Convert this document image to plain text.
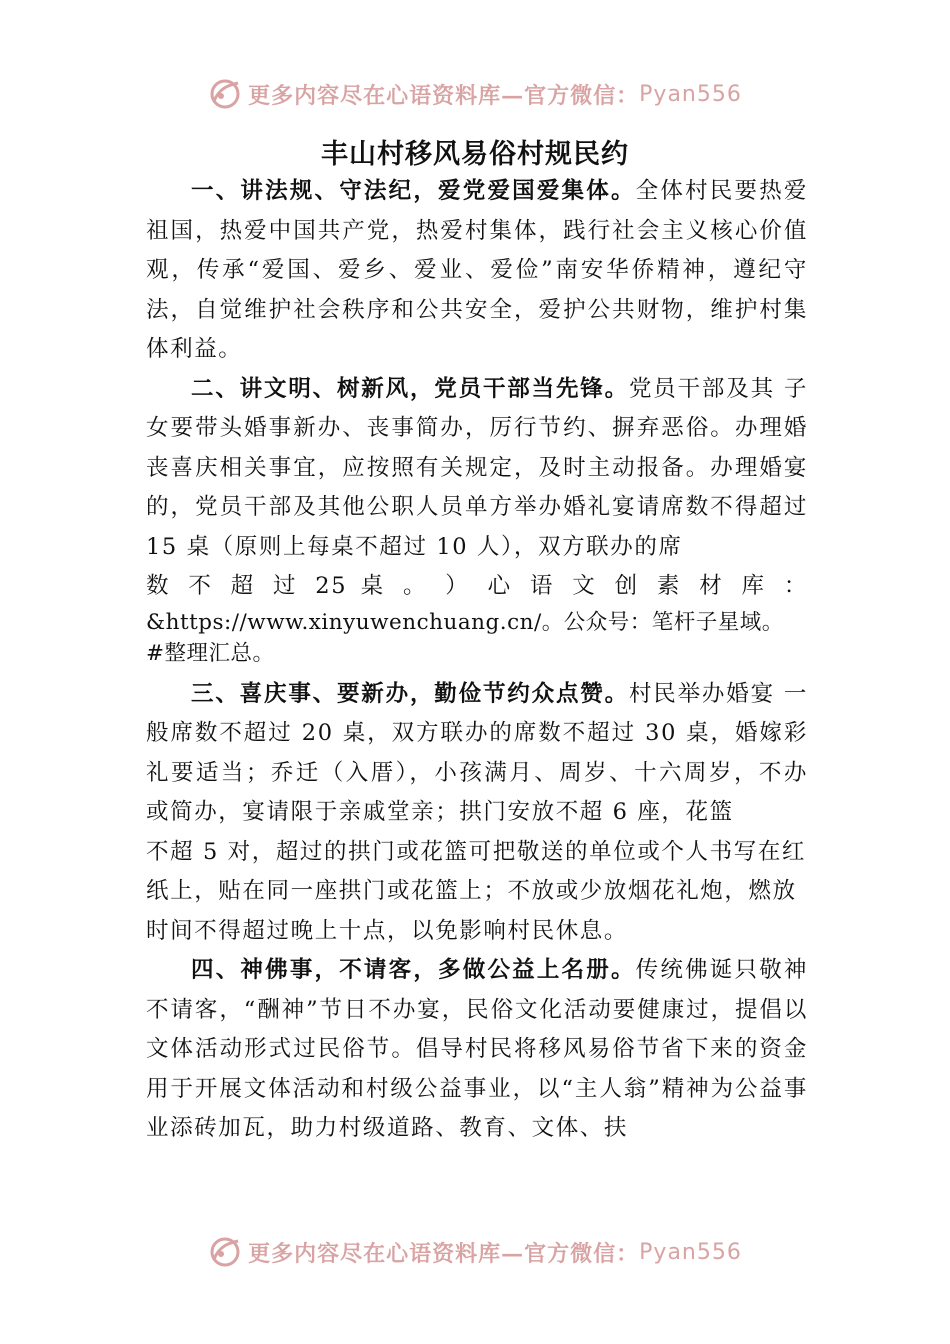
更多内容尽在心语资料库—官方微信： Pyan556
丰山村移风易俗村规民约

一、讲法规、守法纪，爱党爱国爱集体。全体村民要热爱祖国，热爱中国共产党，热爱村集体，践行社会主义核心价值观，传承“爱国、爱乡、爱业、爱俭”南安华侨精神，遵纪守法，自觉维护社会秩序和公共安全，爱护公共财物，维护村集体利益。

二、讲文明、树新风，党员干部当先锋。党员干部及其 子女要带头婚事新办、丧事简办，厉行节约、摒弃恶俗。办理婚丧喜庆相关事宜，应按照有关规定，及时主动报备。办理婚宴的，党员干部及其他公职人员单方举办婚礼宴请席数不得超过 15 桌（原则上每桌不超过 10 人），双方联办的席

数 不 超 过 25 桌 。 ） 心 语 文 创 素 材 库 ：

&https://www.xinyuwenchuang.cn/。公众号：笔杆子星域。

#整理汇总。

三、喜庆事、要新办，勤俭节约众点赞。村民举办婚宴 一般席数不超过 20 桌，双方联办的席数不超过 30 桌，婚嫁彩礼要适当；乔迁（入厝），小孩满月、周岁、十六周岁，不办或简办，宴请限于亲戚堂亲；拱门安放不超 6 座，花篮

不超 5 对，超过的拱门或花篮可把敬送的单位或个人书写在红纸上，贴在同一座拱门或花篮上；不放或少放烟花礼炮，燃放时间不得超过晚上十点，以免影响村民休息。

四、神佛事，不请客，多做公益上名册。传统佛诞只敬神不请客，“酬神”节日不办宴，民俗文化活动要健康过，提倡以文体活动形式过民俗节。倡导村民将移风易俗节省下来的资金用于开展文体活动和村级公益事业，以“主人翁”精神为公益事业添砖加瓦，助力村级道路、教育、文体、扶

更多内容尽在心语资料库—官方微信： Pyan556
